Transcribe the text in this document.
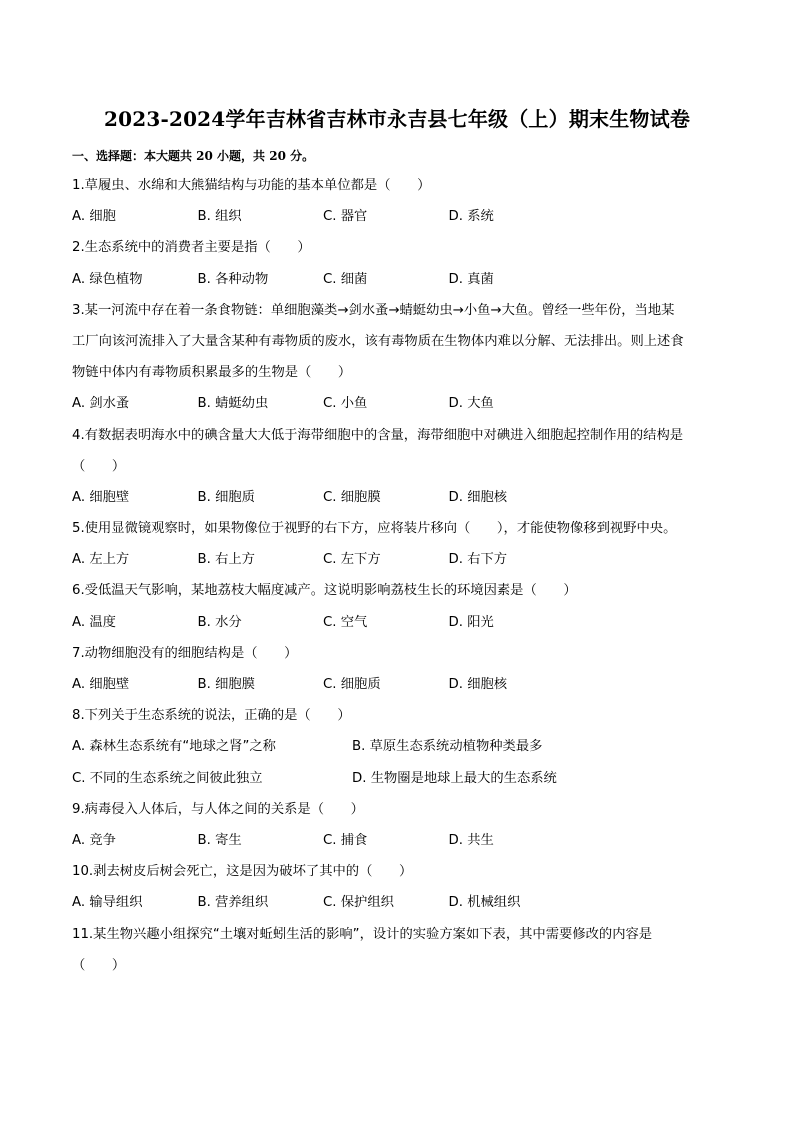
2023-2024学年吉林省吉林市永吉县七年级（上）期末生物试卷
一、选择题：本大题共 20 小题，共 20 分。
1.草履虫、水绵和大熊猫结构与功能的基本单位都是（　　）
A. 细胞	B. 组织	C. 器官	D. 系统
2.生态系统中的消费者主要是指（　　）
A. 绿色植物	B. 各种动物	C. 细菌	D. 真菌
3.某一河流中存在着一条食物链：单细胞藻类→剑水蚤→蜻蜓幼虫→小鱼→大鱼。曾经一些年份，当地某
工厂向该河流排入了大量含某种有毒物质的废水，该有毒物质在生物体内难以分解、无法排出。则上述食
物链中体内有毒物质积累最多的生物是（　　）
A. 剑水蚤	B. 蜻蜓幼虫	C. 小鱼	D. 大鱼
4.有数据表明海水中的碘含量大大低于海带细胞中的含量，海带细胞中对碘进入细胞起控制作用的结构是
（　　）
A. 细胞壁	B. 细胞质	C. 细胞膜	D. 细胞核
5.使用显微镜观察时，如果物像位于视野的右下方，应将装片移向（　　），才能使物像移到视野中央。
A. 左上方	B. 右上方	C. 左下方	D. 右下方
6.受低温天气影响，某地荔枝大幅度减产。这说明影响荔枝生长的环境因素是（　　）
A. 温度	B. 水分	C. 空气	D. 阳光
7.动物细胞没有的细胞结构是（　　）
A. 细胞壁	B. 细胞膜	C. 细胞质	D. 细胞核
8.下列关于生态系统的说法，正确的是（　　）
A. 森林生态系统有“地球之肾”之称	B. 草原生态系统动植物种类最多
C. 不同的生态系统之间彼此独立	D. 生物圈是地球上最大的生态系统
9.病毒侵入人体后，与人体之间的关系是（　　）
A. 竞争	B. 寄生	C. 捕食	D. 共生
10.剥去树皮后树会死亡，这是因为破坏了其中的（　　）
A. 输导组织	B. 营养组织	C. 保护组织	D. 机械组织
11.某生物兴趣小组探究“土壤对蚯蚓生活的影响”，设计的实验方案如下表，其中需要修改的内容是
（　　）
